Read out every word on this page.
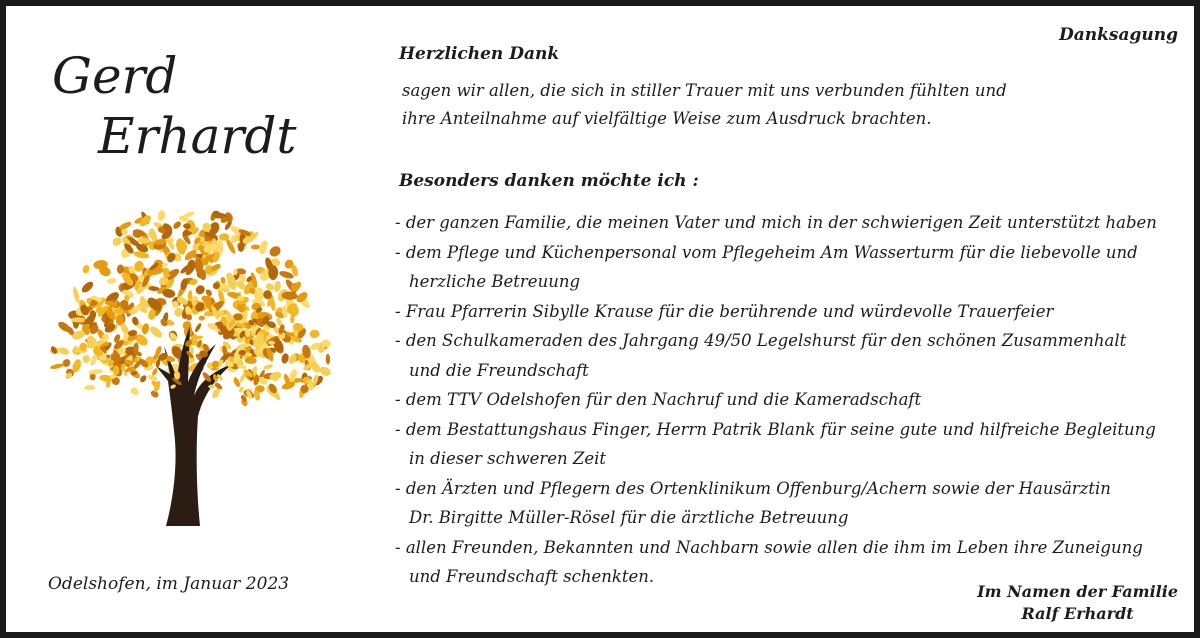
Gerd
Erhardt
Odelshofen, im Januar 2023
Danksagung
Herzlichen Dank
sagen wir allen, die sich in stiller Trauer mit uns verbunden fühlten und
ihre Anteilnahme auf vielfältige Weise zum Ausdruck brachten.
Besonders danken möchte ich :
- der ganzen Familie, die meinen Vater und mich in der schwierigen Zeit unterstützt haben
- dem Pflege und Küchenpersonal vom Pflegeheim Am Wasserturm für die liebevolle und
herzliche Betreuung
- Frau Pfarrerin Sibylle Krause für die berührende und würdevolle Trauerfeier
- den Schulkameraden des Jahrgang 49/50 Legelshurst für den schönen Zusammenhalt
und die Freundschaft
- dem TTV Odelshofen für den Nachruf und die Kameradschaft
- dem Bestattungshaus Finger, Herrn Patrik Blank für seine gute und hilfreiche Begleitung
in dieser schweren Zeit
- den Ärzten und Pflegern des Ortenklinikum Offenburg/Achern sowie der Hausärztin
Dr. Birgitte Müller-Rösel für die ärztliche Betreuung
- allen Freunden, Bekannten und Nachbarn sowie allen die ihm im Leben ihre Zuneigung
und Freundschaft schenkten.
Im Namen der Familie
Ralf Erhardt
